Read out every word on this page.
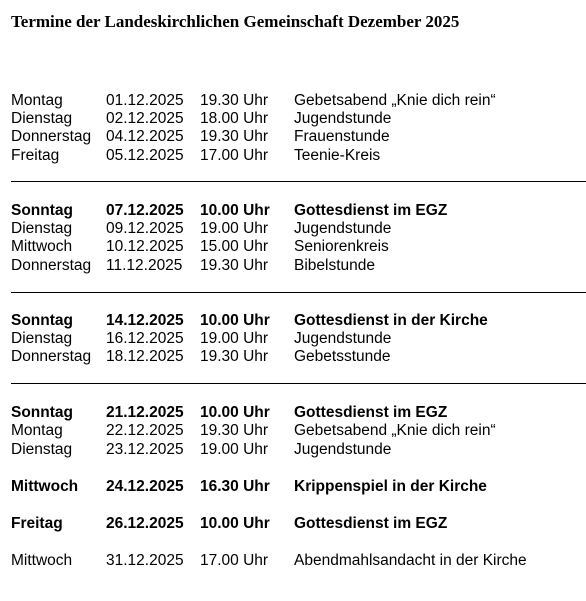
Termine der Landeskirchlichen Gemeinschaft Dezember 2025
Montag	01.12.2025 19.30 Uhr Gebetsabend „Knie dich rein“
Dienstag 02.12.2025 18.00 Uhr Jugendstunde
Donnerstag 04.12.2025 19.30 Uhr Frauenstunde
Freitag	05.12.2025 17.00 Uhr Teenie-Kreis
Sonntag 07.12.2025 10.00 Uhr Gottesdienst im EGZ
Dienstag 09.12.2025 19.00 Uhr Jugendstunde
Mittwoch 10.12.2025 15.00 Uhr Seniorenkreis
Donnerstag 11.12.2025 19.30 Uhr Bibelstunde
Sonntag 14.12.2025 10.00 Uhr Gottesdienst in der Kirche
Dienstag 16.12.2025 19.00 Uhr Jugendstunde
Donnerstag 18.12.2025 19.30 Uhr Gebetsstunde
Sonntag 21.12.2025 10.00 Uhr Gottesdienst im EGZ
Montag	22.12.2025 19.30 Uhr Gebetsabend „Knie dich rein“
Dienstag 23.12.2025 19.00 Uhr Jugendstunde
Mittwoch 24.12.2025 16.30 Uhr Krippenspiel in der Kirche
Freitag	26.12.2025 10.00 Uhr Gottesdienst im EGZ
Mittwoch 31.12.2025 17.00 Uhr Abendmahlsandacht in der Kirche
